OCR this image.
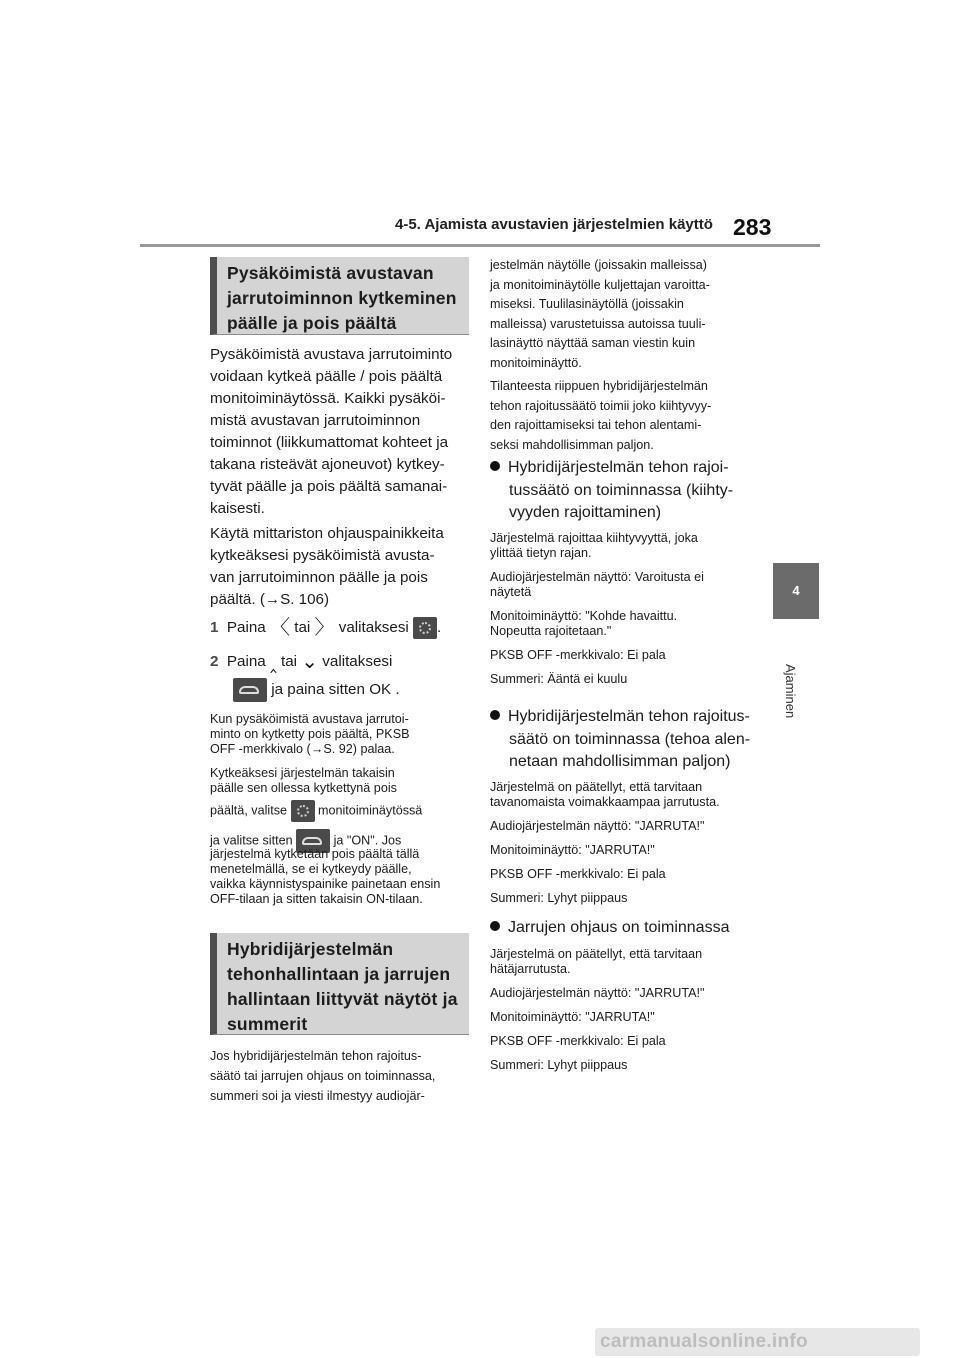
4-5. Ajamista avustavien järjestelmien käyttö 283
4
Ajaminen
Pysäköimistä avustavan
jarrutoiminnon kytkeminen
päälle ja pois päältä
Pysäköimistä avustava jarrutoiminto
voidaan kytkeä päälle / pois päältä
monitoiminäytössä. Kaikki pysäköi-
mistä avustavan jarrutoiminnon
toiminnot (liikkumattomat kohteet ja
takana risteävät ajoneuvot) kytkey-
tyvät päälle ja pois päältä samanai-
kaisesti.
Käytä mittariston ohjauspainikkeita
kytkeäksesi pysäköimistä avusta-
van jarrutoiminnon päälle ja pois
päältä. (→S. 106)
1 Paina 〈 tai 〉 valitaksesi .
2 Paina ‸ tai ⌄ valitaksesi
ja paina sitten OK .
Kun pysäköimistä avustava jarrutoi-
minto on kytketty pois päältä, PKSB
OFF -merkkivalo (→S. 92) palaa.
Kytkeäksesi järjestelmän takaisin
päälle sen ollessa kytkettynä pois
päältä, valitse monitoiminäytössä
ja valitse sitten	ja "ON". Jos
järjestelmä kytketään pois päältä tällä
menetelmällä, se ei kytkeydy päälle,
vaikka käynnistyspainike painetaan ensin
OFF-tilaan ja sitten takaisin ON-tilaan.
Hybridijärjestelmän
tehonhallintaan ja jarrujen
hallintaan liittyvät näytöt ja
summerit
Jos hybridijärjestelmän tehon rajoitus-
säätö tai jarrujen ohjaus on toiminnassa,
summeri soi ja viesti ilmestyy audiojär-
jestelmän näytölle (joissakin malleissa)
ja monitoiminäytölle kuljettajan varoitta-
miseksi. Tuulilasinäytöllä (joissakin
malleissa) varustetuissa autoissa tuuli-
lasinäyttö näyttää saman viestin kuin
monitoiminäyttö.
Tilanteesta riippuen hybridijärjestelmän
tehon rajoitussäätö toimii joko kiihtyvyy-
den rajoittamiseksi tai tehon alentami-
seksi mahdollisimman paljon.
Hybridijärjestelmän tehon rajoi-
tussäätö on toiminnassa (kiihty-
vyyden rajoittaminen)
Järjestelmä rajoittaa kiihtyvyyttä, joka
ylittää tietyn rajan.
Audiojärjestelmän näyttö: Varoitusta ei
näytetä
Monitoiminäyttö: "Kohde havaittu.
Nopeutta rajoitetaan."
PKSB OFF -merkkivalo: Ei pala
Summeri: Ääntä ei kuulu
Hybridijärjestelmän tehon rajoitus-
säätö on toiminnassa (tehoa alen-
netaan mahdollisimman paljon)
Järjestelmä on päätellyt, että tarvitaan
tavanomaista voimakkaampaa jarrutusta.
Audiojärjestelmän näyttö: "JARRUTA!"
Monitoiminäyttö: "JARRUTA!"
PKSB OFF -merkkivalo: Ei pala
Summeri: Lyhyt piippaus
Jarrujen ohjaus on toiminnassa
Järjestelmä on päätellyt, että tarvitaan
hätäjarrutusta.
Audiojärjestelmän näyttö: "JARRUTA!"
Monitoiminäyttö: "JARRUTA!"
PKSB OFF -merkkivalo: Ei pala
Summeri: Lyhyt piippaus
carmanualsonline.info
